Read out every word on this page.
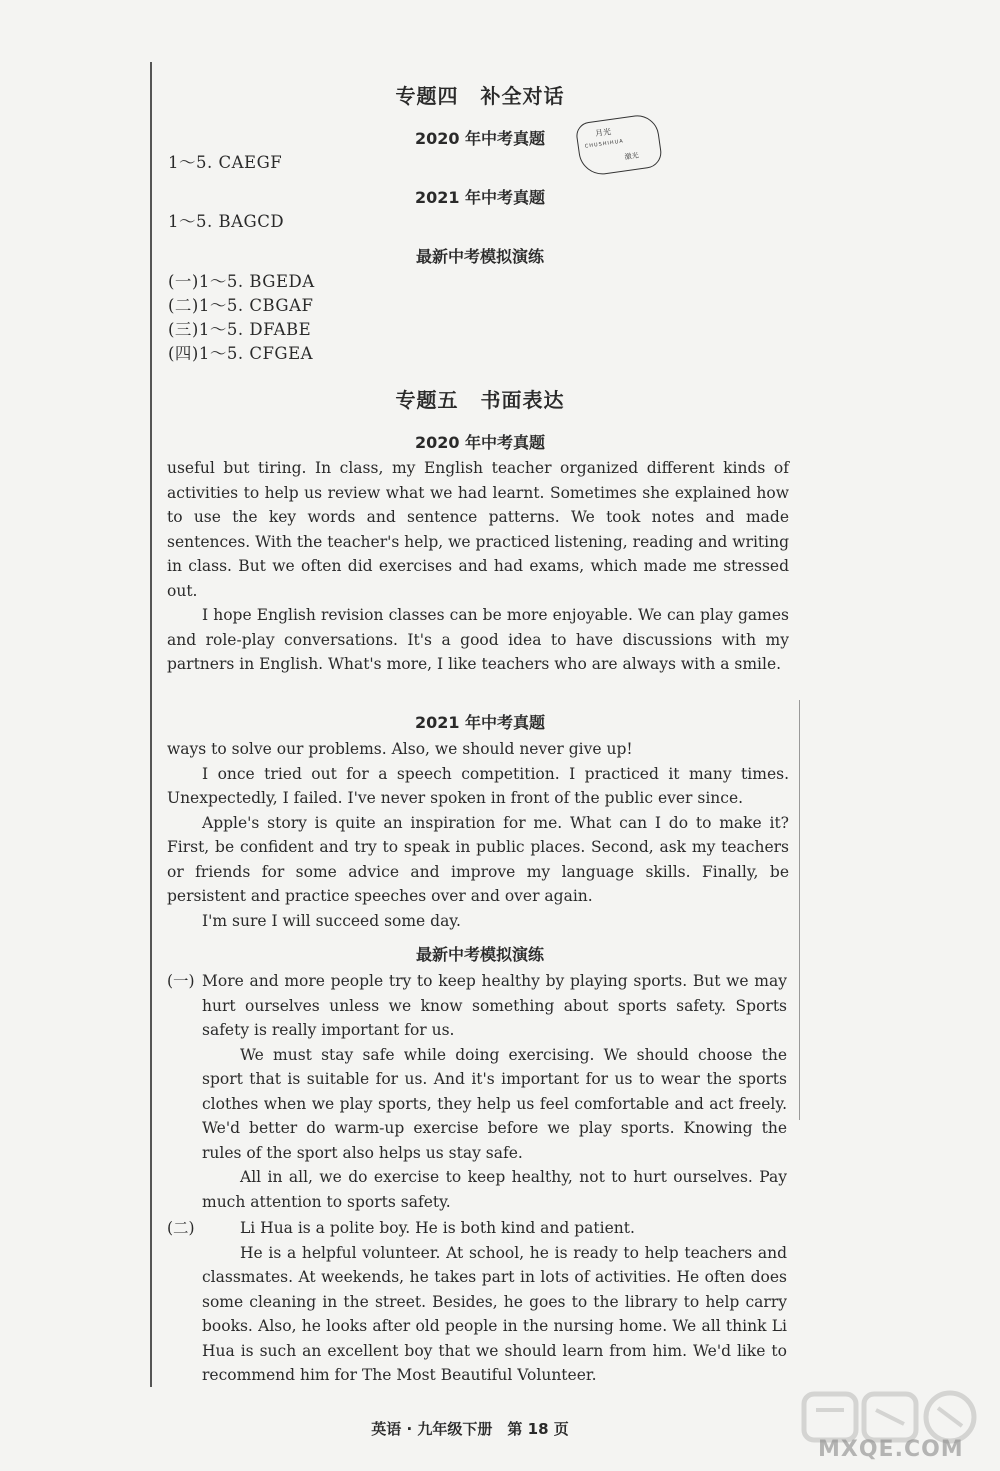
专题四 补全对话
2020 年中考真题
1～5. CAEGF
月光
CHUSHIHUA
激光
2021 年中考真题
1～5. BAGCD
最新中考模拟演练
(一)1～5. BGEDA
(二)1～5. CBGAF
(三)1～5. DFABE
(四)1～5. CFGEA
专题五 书面表达
2020 年中考真题

useful but tiring. In class, my English teacher organized different kinds of activities to help us review what we had learnt. Sometimes she explained how to use the key words and sentence patterns. We took notes and made sentences. With the teacher's help, we practiced listening, reading and writing in class. But we often did exercises and had exams, which made me stressed out.

I hope English revision classes can be more enjoyable. We can play games and role-play conversations. It's a good idea to have discussions with my partners in English. What's more, I like teachers who are always with a smile.

2021 年中考真题

ways to solve our problems. Also, we should never give up!

I once tried out for a speech competition. I practiced it many times. Unexpectedly, I failed. I've never spoken in front of the public ever since.

Apple's story is quite an inspiration for me. What can I do to make it? First, be confident and try to speak in public places. Second, ask my teachers or friends for some advice and improve my language skills. Finally, be persistent and practice speeches over and over again.

I'm sure I will succeed some day.

最新中考模拟演练
(一) More and more people try to keep healthy by playing sports. But we may hurt ourselves unless we know something about sports safety. Sports safety is really important for us.

We must stay safe while doing exercising. We should choose the sport that is suitable for us. And it's important for us to wear the sports clothes when we play sports, they help us feel comfortable and act freely. We'd better do warm-up exercise before we play sports. Knowing the rules of the sport also helps us stay safe.

All in all, we do exercise to keep healthy, not to hurt ourselves. Pay much attention to sports safety.

(二)	Li Hua is a polite boy. He is both kind and patient.

He is a helpful volunteer. At school, he is ready to help teachers and classmates. At weekends, he takes part in lots of activities. He often does some cleaning in the street. Besides, he goes to the library to help carry books. Also, he looks after old people in the nursing home. We all think Li Hua is such an excellent boy that we should learn from him. We'd like to recommend him for The Most Beautiful Volunteer.

英语 · 九年级下册　第 18 页
MXQE.COM
